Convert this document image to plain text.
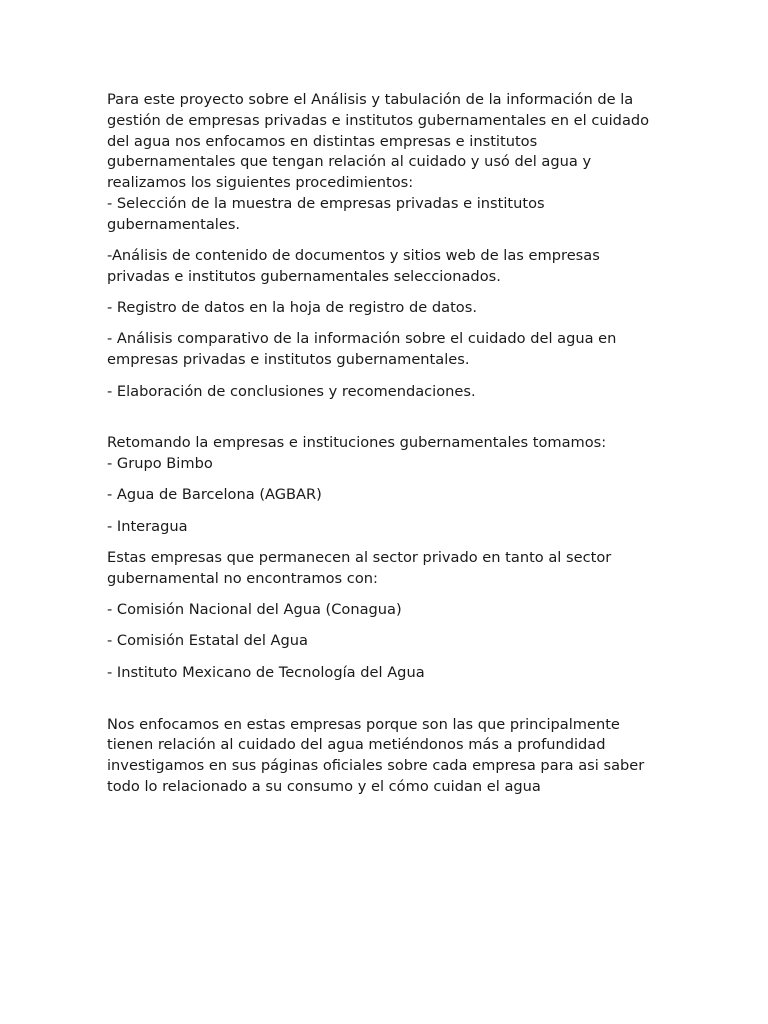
Para este proyecto sobre el Análisis y tabulación de la información de la gestión de empresas privadas e institutos gubernamentales en el cuidado del agua nos enfocamos en distintas empresas e institutos gubernamentales que tengan relación al cuidado y usó del agua y realizamos los siguientes procedimientos:

- Selección de la muestra de empresas privadas e institutos gubernamentales.

-Análisis de contenido de documentos y sitios web de las empresas privadas e institutos gubernamentales seleccionados.

- Registro de datos en la hoja de registro de datos.

- Análisis comparativo de la información sobre el cuidado del agua en empresas privadas e institutos gubernamentales.

- Elaboración de conclusiones y recomendaciones.

Retomando la empresas e instituciones gubernamentales tomamos:

- Grupo Bimbo

- Agua de Barcelona (AGBAR)

- Interagua

Estas empresas que permanecen al sector privado en tanto al sector gubernamental no encontramos con:

- Comisión Nacional del Agua (Conagua)

- Comisión Estatal del Agua

- Instituto Mexicano de Tecnología del Agua

Nos enfocamos en estas empresas porque son las que principalmente tienen relación al cuidado del agua metiéndonos más a profundidad investigamos en sus páginas oficiales sobre cada empresa para asi saber todo lo relacionado a su consumo y el cómo cuidan el agua
